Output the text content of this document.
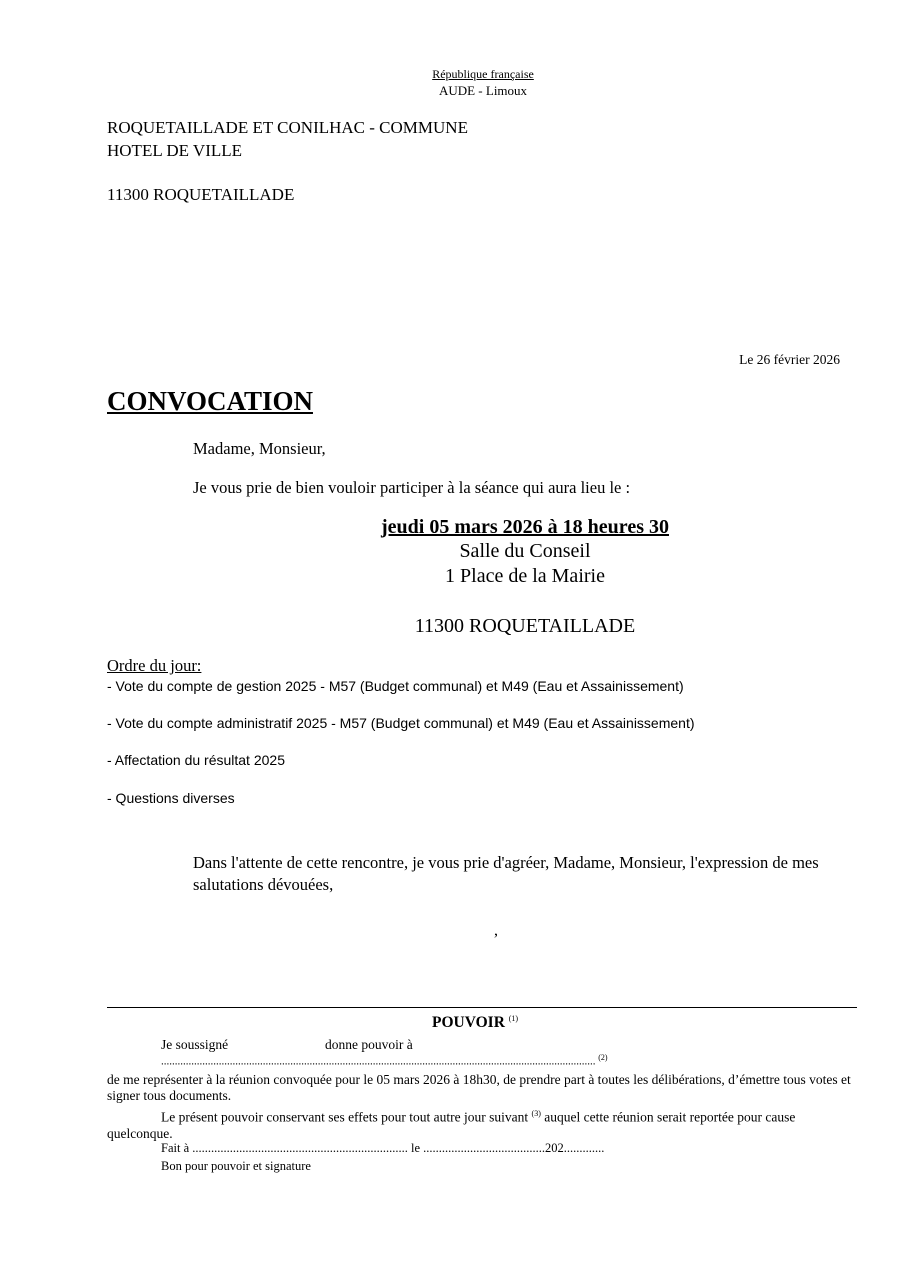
République française
AUDE - Limoux
ROQUETAILLADE ET CONILHAC - COMMUNE
HOTEL DE VILLE
11300 ROQUETAILLADE
Le 26 février 2026
CONVOCATION
Madame, Monsieur,
Je vous prie de bien vouloir participer à la séance qui aura lieu le :
jeudi 05 mars 2026 à 18 heures 30
Salle du Conseil
1 Place de la Mairie
11300 ROQUETAILLADE
Ordre du jour:
- Vote du compte de gestion 2025 - M57 (Budget communal) et M49 (Eau et Assainissement)
- Vote du compte administratif 2025 - M57 (Budget communal) et M49 (Eau et Assainissement)
- Affectation du résultat 2025
- Questions diverses
Dans l'attente de cette rencontre, je vous prie d'agréer, Madame, Monsieur, l'expression de mes salutations dévouées,
,
POUVOIR $^{(1)}$
Je soussigné	donne pouvoir à
.............................................................................................................................................................. $^{(2)}$
de me représenter à la réunion convoquée pour le 05 mars 2026 à 18h30, de prendre part à toutes les délibérations, d’émettre tous votes et signer tous documents.
Le présent pouvoir conservant ses effets pour tout autre jour suivant $^{(3)}$ auquel cette réunion serait reportée pour cause quelconque.
Fait à ..................................................................... le .......................................202.............
Bon pour pouvoir et signature
